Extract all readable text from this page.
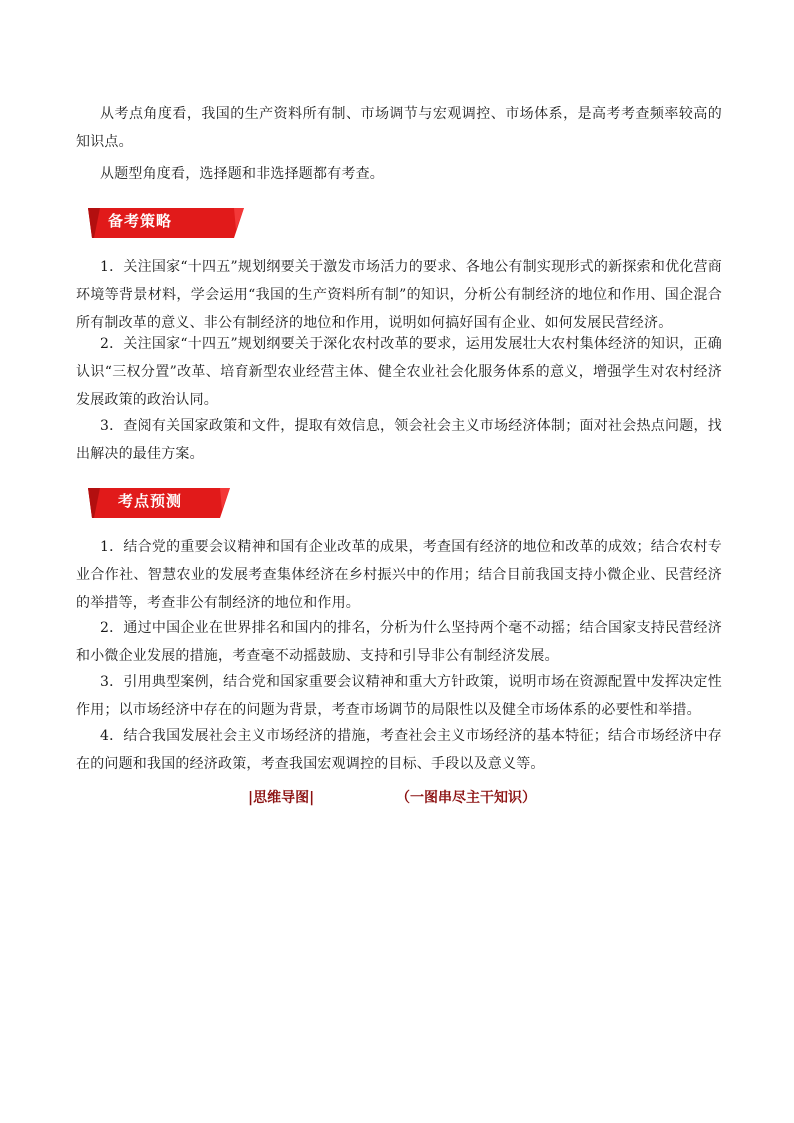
从考点角度看，我国的生产资料所有制、市场调节与宏观调控、市场体系，是高考考查频率较高的知识点。
从题型角度看，选择题和非选择题都有考查。
备考策略
1．关注国家“十四五”规划纲要关于激发市场活力的要求、各地公有制实现形式的新探索和优化营商环境等背景材料，学会运用“我国的生产资料所有制”的知识，分析公有制经济的地位和作用、国企混合所有制改革的意义、非公有制经济的地位和作用，说明如何搞好国有企业、如何发展民营经济。
2．关注国家“十四五”规划纲要关于深化农村改革的要求，运用发展壮大农村集体经济的知识，正确认识“三权分置”改革、培育新型农业经营主体、健全农业社会化服务体系的意义，增强学生对农村经济发展政策的政治认同。
3．查阅有关国家政策和文件，提取有效信息，领会社会主义市场经济体制；面对社会热点问题，找出解决的最佳方案。
考点预测
1．结合党的重要会议精神和国有企业改革的成果，考查国有经济的地位和改革的成效；结合农村专业合作社、智慧农业的发展考查集体经济在乡村振兴中的作用；结合目前我国支持小微企业、民营经济的举措等，考查非公有制经济的地位和作用。
2．通过中国企业在世界排名和国内的排名，分析为什么坚持两个毫不动摇；结合国家支持民营经济和小微企业发展的措施，考查毫不动摇鼓励、支持和引导非公有制经济发展。
3．引用典型案例，结合党和国家重要会议精神和重大方针政策，说明市场在资源配置中发挥决定性作用；以市场经济中存在的问题为背景，考查市场调节的局限性以及健全市场体系的必要性和举措。
4．结合我国发展社会主义市场经济的措施，考查社会主义市场经济的基本特征；结合市场经济中存在的问题和我国的经济政策，考查我国宏观调控的目标、手段以及意义等。
|思维导图|	（一图串尽主干知识）
